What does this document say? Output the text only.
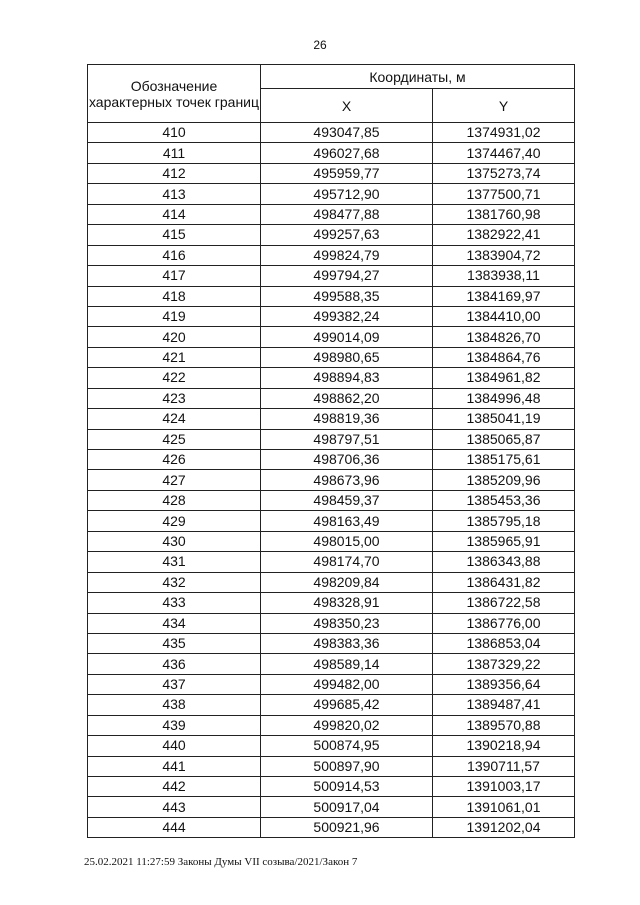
26
Обозначение характерных точек границ	Координаты, м	
	X	Y
410	493047,85	1374931,02
411	496027,68	1374467,40
412	495959,77	1375273,74
413	495712,90	1377500,71
414	498477,88	1381760,98
415	499257,63	1382922,41
416	499824,79	1383904,72
417	499794,27	1383938,11
418	499588,35	1384169,97
419	499382,24	1384410,00
420	499014,09	1384826,70
421	498980,65	1384864,76
422	498894,83	1384961,82
423	498862,20	1384996,48
424	498819,36	1385041,19
425	498797,51	1385065,87
426	498706,36	1385175,61
427	498673,96	1385209,96
428	498459,37	1385453,36
429	498163,49	1385795,18
430	498015,00	1385965,91
431	498174,70	1386343,88
432	498209,84	1386431,82
433	498328,91	1386722,58
434	498350,23	1386776,00
435	498383,36	1386853,04
436	498589,14	1387329,22
437	499482,00	1389356,64
438	499685,42	1389487,41
439	499820,02	1389570,88
440	500874,95	1390218,94
441	500897,90	1390711,57
442	500914,53	1391003,17
443	500917,04	1391061,01
444	500921,96	1391202,04
25.02.2021 11:27:59 Законы Думы VII созыва/2021/Закон 7
